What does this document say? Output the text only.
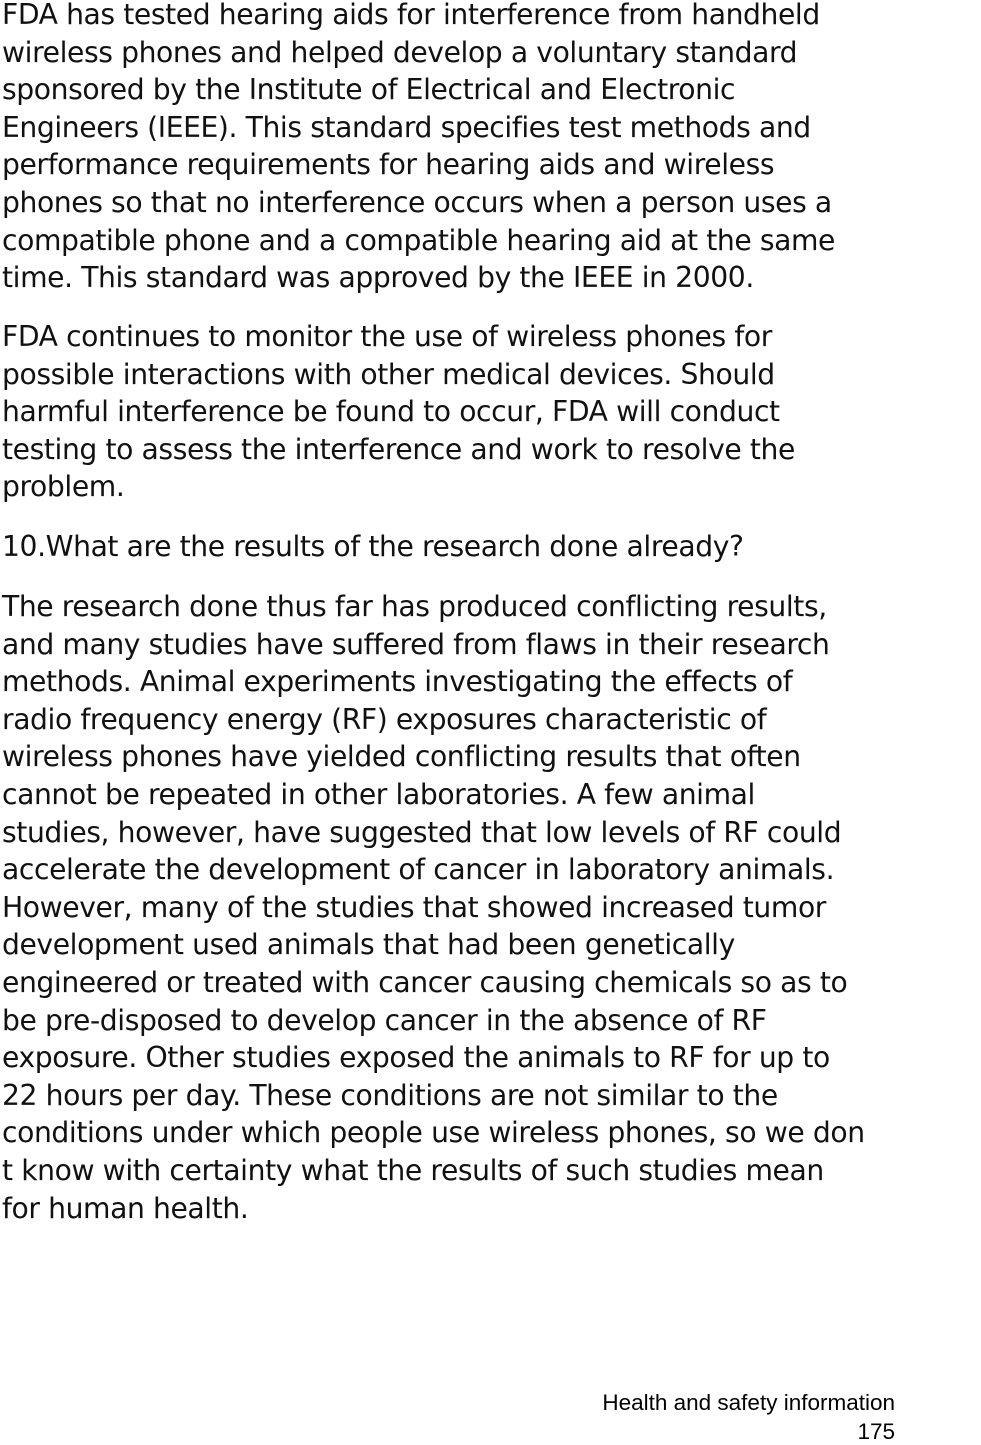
FDA has tested hearing aids for interference from handheld
wireless phones and helped develop a voluntary standard
sponsored by the Institute of Electrical and Electronic
Engineers (IEEE). This standard specifies test methods and
performance requirements for hearing aids and wireless
phones so that no interference occurs when a person uses a
compatible phone and a compatible hearing aid at the same
time. This standard was approved by the IEEE in 2000.

FDA continues to monitor the use of wireless phones for
possible interactions with other medical devices. Should
harmful interference be found to occur, FDA will conduct
testing to assess the interference and work to resolve the
problem.

10.What are the results of the research done already?

The research done thus far has produced conflicting results,
and many studies have suffered from flaws in their research
methods. Animal experiments investigating the effects of
radio frequency energy (RF) exposures characteristic of
wireless phones have yielded conflicting results that often
cannot be repeated in other laboratories. A few animal
studies, however, have suggested that low levels of RF could
accelerate the development of cancer in laboratory animals.
However, many of the studies that showed increased tumor
development used animals that had been genetically
engineered or treated with cancer causing chemicals so as to
be pre-disposed to develop cancer in the absence of RF
exposure. Other studies exposed the animals to RF for up to
22 hours per day. These conditions are not similar to the
conditions under which people use wireless phones, so we don
t know with certainty what the results of such studies mean
for human health.

Health and safety information
175
